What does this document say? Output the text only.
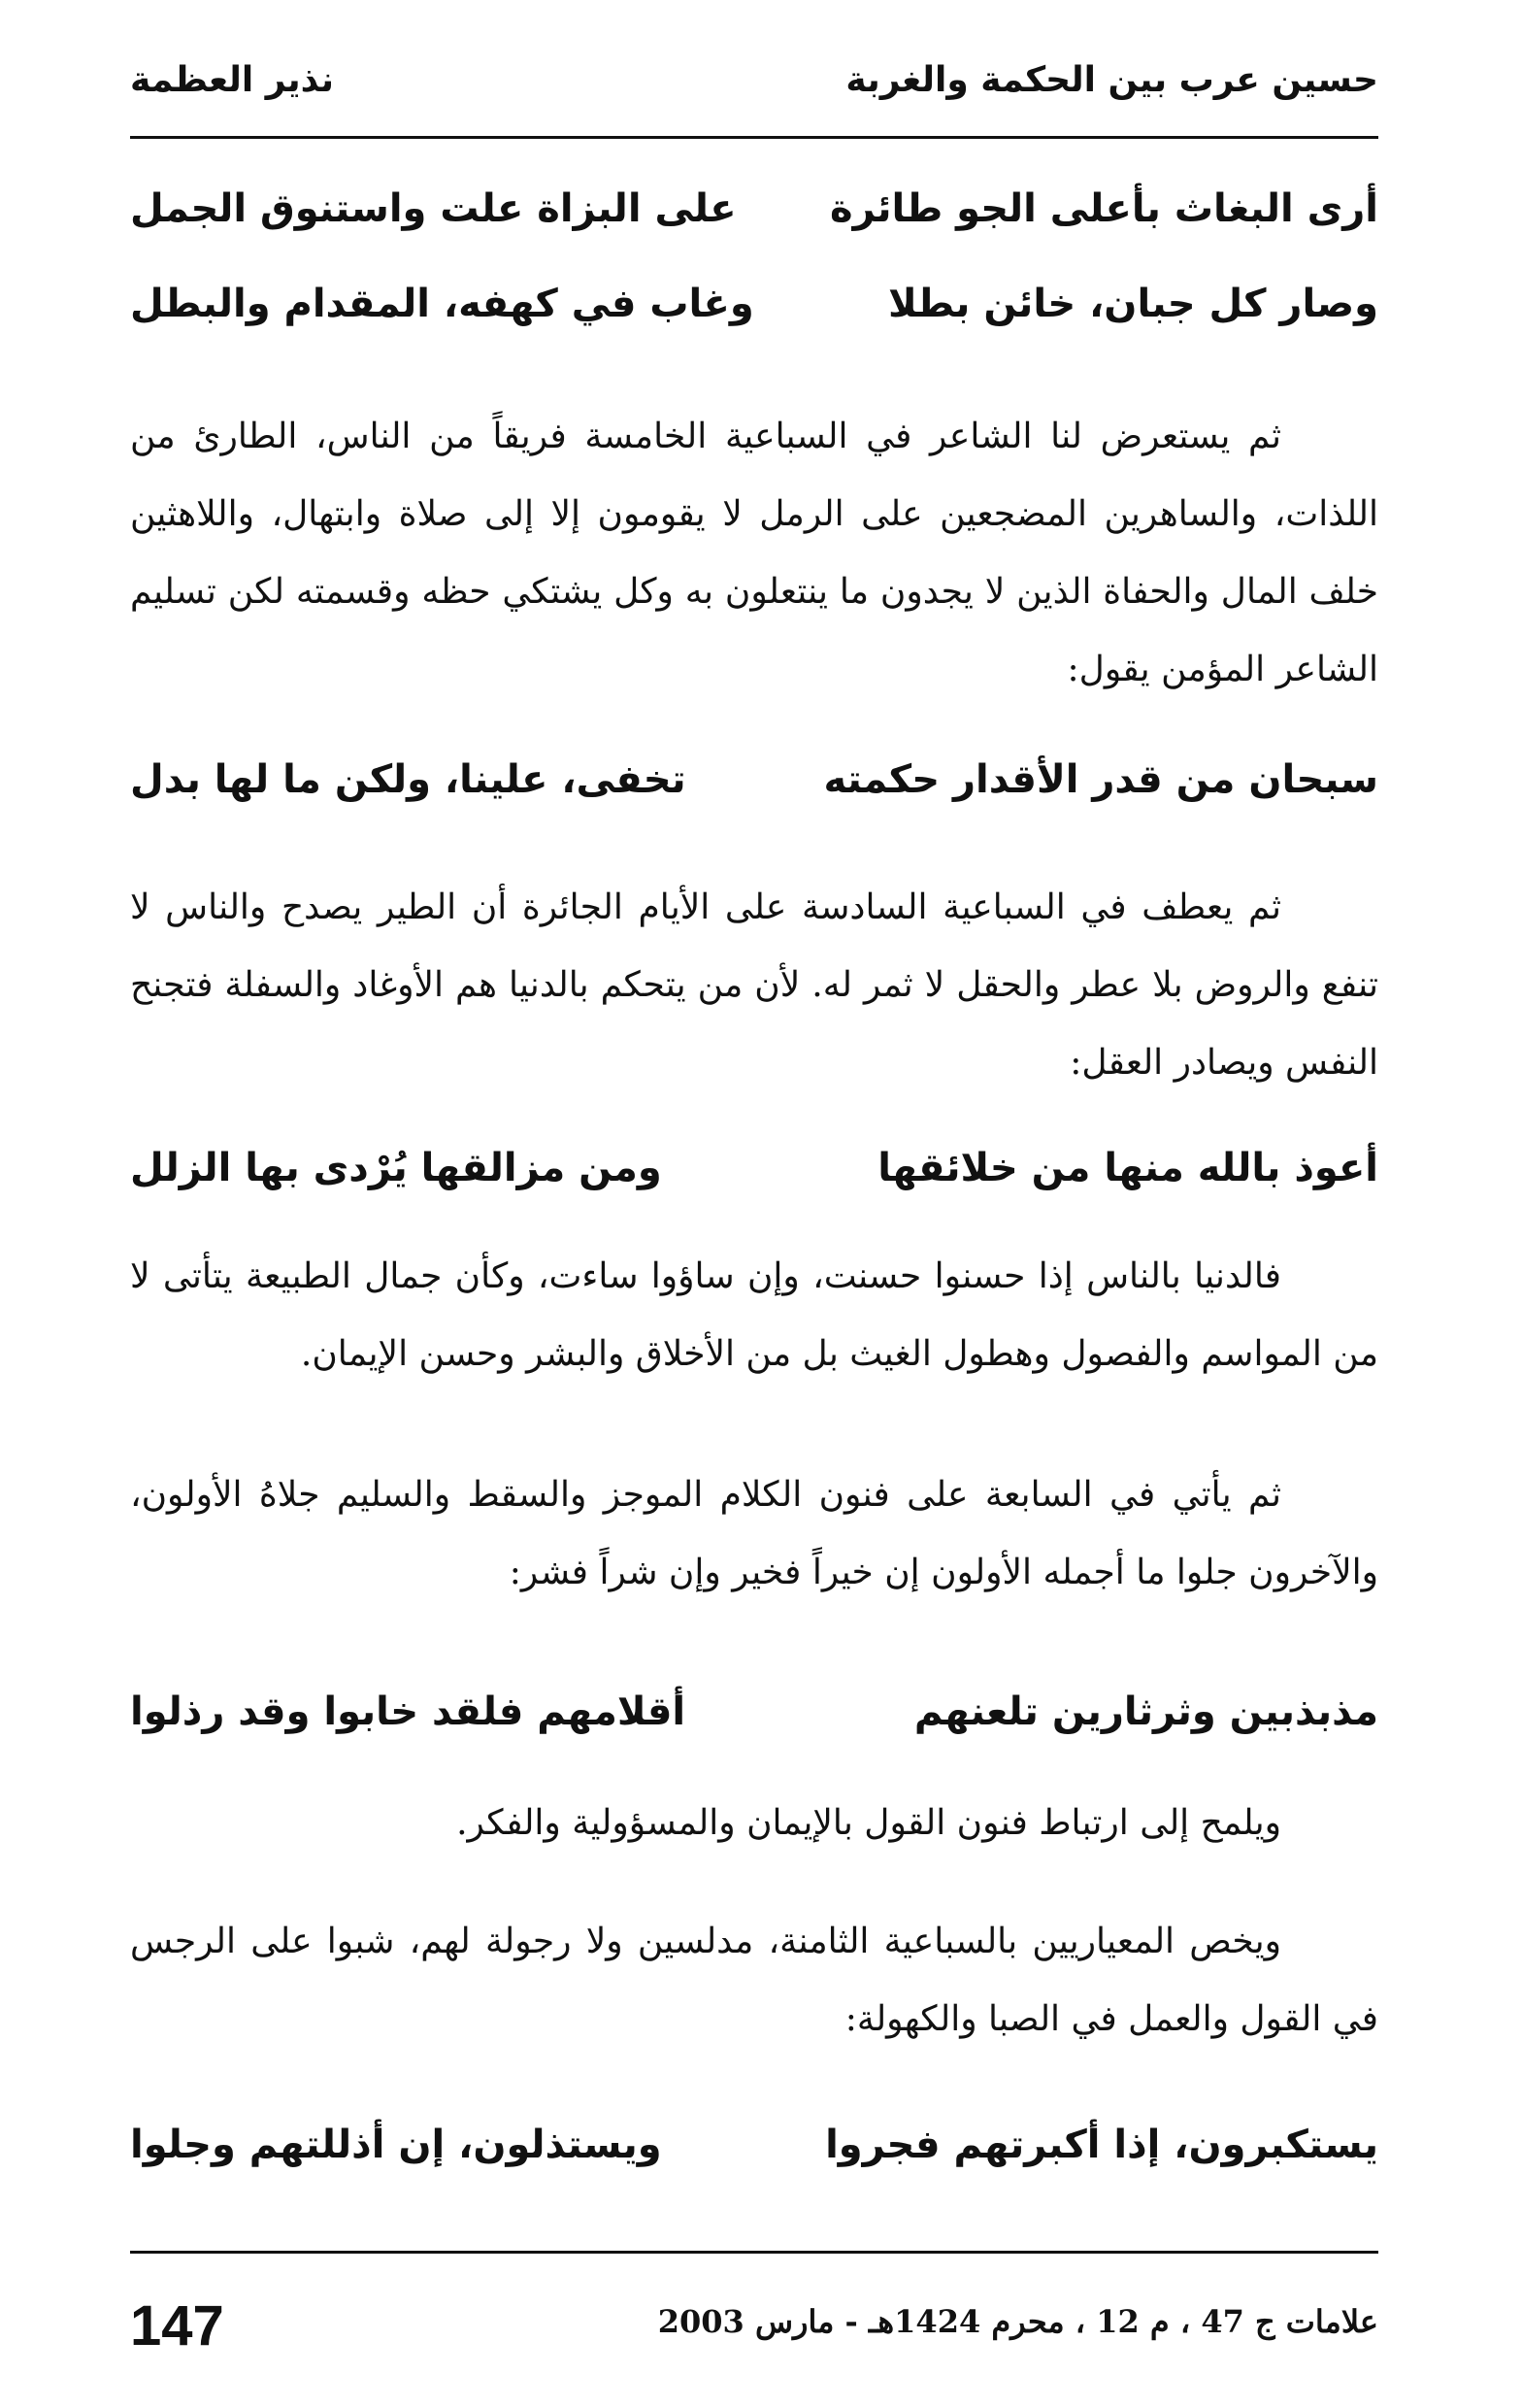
حسين عرب بين الحكمة والغربة
نذير العظمة
أرى البغاث بأعلى الجو طائرة
على البزاة علت واستنوق الجمل
وصار كل جبان، خائن بطلا
وغاب في كهفه، المقدام والبطل

ثم يستعرض لنا الشاعر في السباعية الخامسة فريقاً من الناس، الطارئ من اللذات، والساهرين المضجعين على الرمل لا يقومون إلا إلى صلاة وابتهال، واللاهثين خلف المال والحفاة الذين لا يجدون ما ينتعلون به وكل يشتكي حظه وقسمته لكن تسليم الشاعر المؤمن يقول:

سبحان من قدر الأقدار حكمته
تخفى، علينا، ولكن ما لها بدل

ثم يعطف في السباعية السادسة على الأيام الجائرة أن الطير يصدح والناس لا تنفع والروض بلا عطر والحقل لا ثمر له. لأن من يتحكم بالدنيا هم الأوغاد والسفلة فتجنح النفس ويصادر العقل:

أعوذ بالله منها من خلائقها
ومن مزالقها يُرْدى بها الزلل

فالدنيا بالناس إذا حسنوا حسنت، وإن ساؤوا ساءت، وكأن جمال الطبيعة يتأتى لا من المواسم والفصول وهطول الغيث بل من الأخلاق والبشر وحسن الإيمان.

ثم يأتي في السابعة على فنون الكلام الموجز والسقط والسليم جلاهُ الأولون، والآخرون جلوا ما أجمله الأولون إن خيراً فخير وإن شراً فشر:

مذبذبين وثرثارين تلعنهم
أقلامهم فلقد خابوا وقد رذلوا

ويلمح إلى ارتباط فنون القول بالإيمان والمسؤولية والفكر.

ويخص المعياريين بالسباعية الثامنة، مدلسين ولا رجولة لهم، شبوا على الرجس في القول والعمل في الصبا والكهولة:

يستكبرون، إذا أكبرتهم فجروا
ويستذلون، إن أذللتهم وجلوا
147	علامات ج 47 ، م 12 ، محرم 1424هـ - مارس 2003
